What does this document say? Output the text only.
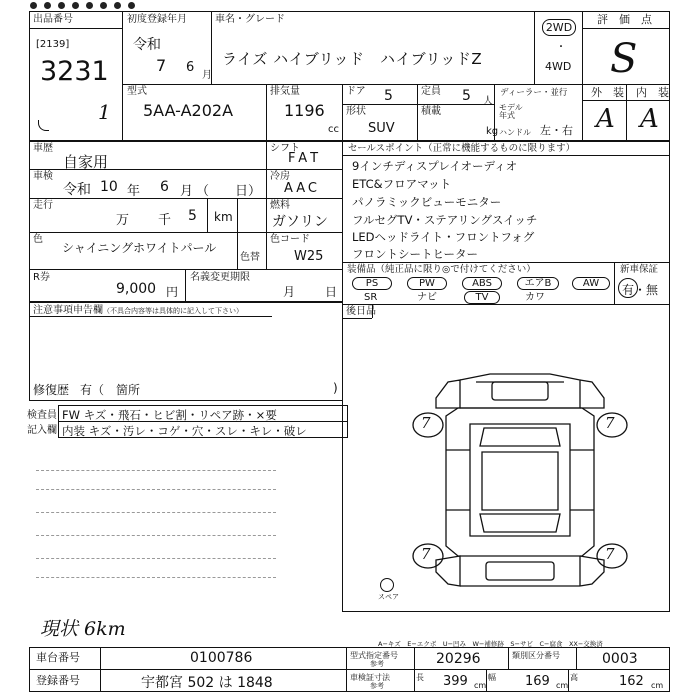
出品番号
[2139]
3231
1
初度登録年月
令和
7 6
月
車名・グレード
ライズ ハイブリッド　ハイブリッドZ
2WD
・
4WD
評　価　点
S
外　装 内　装
A A
型式
5AA-A202A
排気量
1196
cc
ドア 5	定員 5 人
形状
SUV
積載
kg
ディーラー・並行
モデル年式
ハンドル 左・右
車歴
自家用
シフト
FAT
車検
令和 10 年 6 月 （　　日）
冷房
AAC
走行
万 千 5 km
燃料
ガソリン
色
シャイニングホワイトパール
色替
色コード
W25
R券
9,000 円
名義変更期限
月 日
セールスポイント（正常に機能するものに限ります）
9インチディスプレイオーディオ
ETC&フロアマット
パノラミックビューモニター
フルセグTV・ステアリングスイッチ
LEDヘッドライト・フロントフォグ
フロントシートヒーター
装備品（純正品に限り◎で付けてください）	新車保証
PS	PW	ABS	エアB	AW
SR	ナビ	TV	カワ
有・無
後日品
注意事項申告欄 （不具合内容等は具体的に記入して下さい）
修復歴 有（　箇所	)
検査員
記入欄
FW キズ・飛石・ヒビ割・リペア跡・×要
内装 キズ・汚レ・コゲ・穴・スレ・キレ・破レ
現状 6km
7	7
7	7
スペア
A−キズ　E−エクボ　U−凹み　W−補修跡　S−サビ　C−腐食　XX−交換済
車台番号	0100786
登録番号	宇都宮 502 は 1848
型式指定番号
参考	20296	類別区分番号	0003
車検証寸法
参考
長 399 cm
幅 169 cm
高	162 cm
